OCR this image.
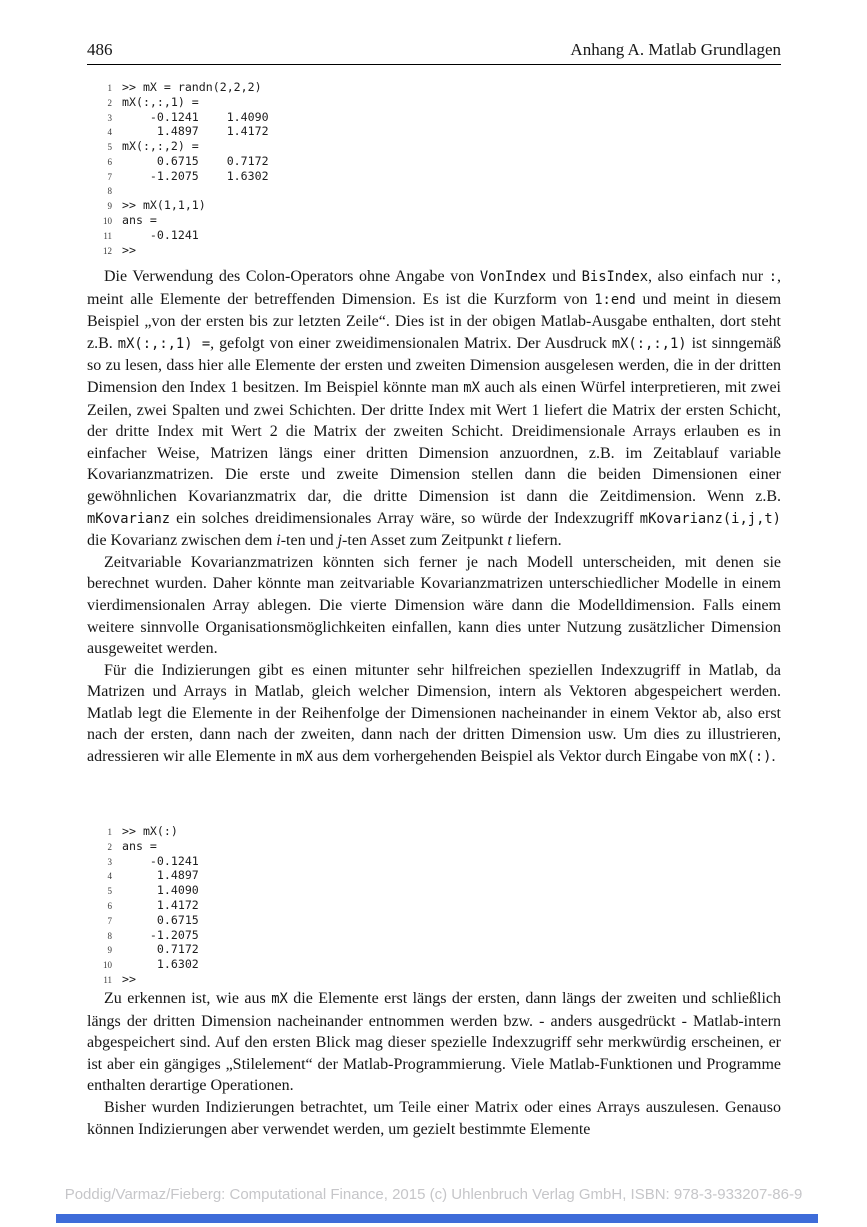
486	Anhang A. Matlab Grundlagen
1 >> mX = randn(2,2,2)
2 mX(:,:,1) =
3 -0.1241    1.4090
4 1.4897    1.4172
5 mX(:,:,2) =
6 0.6715    0.7172
7 -1.2075    1.6302
8
9 >> mX(1,1,1)
10 ans =
11 -0.1241
12 >>

Die Verwendung des Colon-Operators ohne Angabe von VonIndex und BisIndex, also einfach nur :, meint alle Elemente der betreffenden Dimension. Es ist die Kurzform von 1:end und meint in diesem Beispiel „von der ersten bis zur letzten Zeile“. Dies ist in der obigen Matlab-Ausgabe enthalten, dort steht z.B. mX(:,:,1) =, gefolgt von einer zweidimensionalen Matrix. Der Ausdruck mX(:,:,1) ist sinngemäß so zu lesen, dass hier alle Elemente der ersten und zweiten Dimension ausgelesen werden, die in der dritten Dimension den Index 1 besitzen. Im Beispiel könnte man mX auch als einen Würfel interpretieren, mit zwei Zeilen, zwei Spalten und zwei Schichten. Der dritte Index mit Wert 1 liefert die Matrix der ersten Schicht, der dritte Index mit Wert 2 die Matrix der zweiten Schicht. Dreidimensionale Arrays erlauben es in einfacher Weise, Matrizen längs einer dritten Dimension anzuordnen, z.B. im Zeitablauf variable Kovarianzmatrizen. Die erste und zweite Dimension stellen dann die beiden Dimensionen einer gewöhnlichen Kovarianzmatrix dar, die dritte Dimension ist dann die Zeitdimension. Wenn z.B. mKovarianz ein solches dreidimensionales Array wäre, so würde der Indexzugriff mKovarianz(i,j,t) die Kovarianz zwischen dem i-ten und j-ten Asset zum Zeitpunkt t liefern.

Zeitvariable Kovarianzmatrizen könnten sich ferner je nach Modell unterscheiden, mit denen sie berechnet wurden. Daher könnte man zeitvariable Kovarianzmatrizen unterschiedlicher Modelle in einem vierdimensionalen Array ablegen. Die vierte Dimension wäre dann die Modelldimension. Falls einem weitere sinnvolle Organisationsmöglichkeiten einfallen, kann dies unter Nutzung zusätzlicher Dimension ausgeweitet werden.

Für die Indizierungen gibt es einen mitunter sehr hilfreichen speziellen Indexzugriff in Matlab, da Matrizen und Arrays in Matlab, gleich welcher Dimension, intern als Vektoren abgespeichert werden. Matlab legt die Elemente in der Reihenfolge der Dimensionen nacheinander in einem Vektor ab, also erst nach der ersten, dann nach der zweiten, dann nach der dritten Dimension usw. Um dies zu illustrieren, adressieren wir alle Elemente in mX aus dem vorhergehenden Beispiel als Vektor durch Eingabe von mX(:).

1 >> mX(:)
2 ans =
3 -0.1241
4 1.4897
5 1.4090
6 1.4172
7 0.6715
8 -1.2075
9 0.7172
10 1.6302
11 >>

Zu erkennen ist, wie aus mX die Elemente erst längs der ersten, dann längs der zweiten und schließlich längs der dritten Dimension nacheinander entnommen werden bzw. - anders ausgedrückt - Matlab-intern abgespeichert sind. Auf den ersten Blick mag dieser spezielle Indexzugriff sehr merkwürdig erscheinen, er ist aber ein gängiges „Stilelement“ der Matlab-Programmierung. Viele Matlab-Funktionen und Programme enthalten derartige Operationen.

Bisher wurden Indizierungen betrachtet, um Teile einer Matrix oder eines Arrays auszulesen. Genauso können Indizierungen aber verwendet werden, um gezielt bestimmte Elemente

Poddig/Varmaz/Fieberg: Computational Finance, 2015 (c) Uhlenbruch Verlag GmbH, ISBN: 978-3-933207-86-9
